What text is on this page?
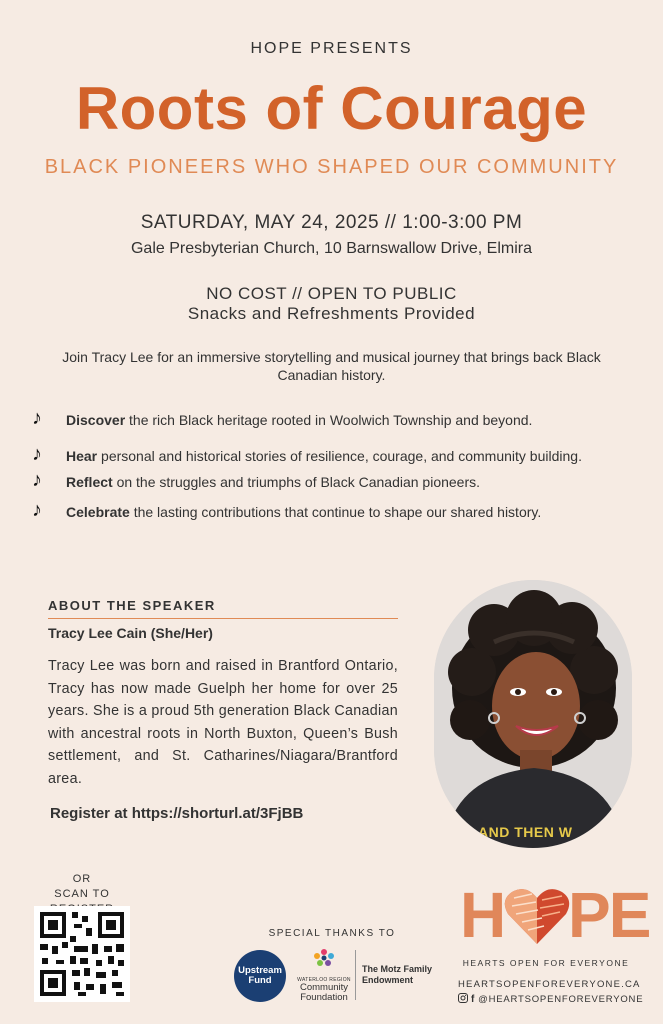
HOPE PRESENTS
Roots of Courage
BLACK PIONEERS WHO SHAPED OUR COMMUNITY
SATURDAY, MAY 24, 2025 // 1:00-3:00 PM
Gale Presbyterian Church, 10 Barnswallow Drive, Elmira
NO COST // OPEN TO PUBLIC
Snacks and Refreshments Provided
Join Tracy Lee for an immersive storytelling and musical journey that brings back Black Canadian history.
♪ Discover the rich Black heritage rooted in Woolwich Township and beyond.
♪ Hear personal and historical stories of resilience, courage, and community building.
♪ Reflect on the struggles and triumphs of Black Canadian pioneers.
♪ Celebrate the lasting contributions that continue to shape our shared history.
ABOUT THE SPEAKER
Tracy Lee Cain (She/Her)
Tracy Lee was born and raised in Brantford Ontario, Tracy has now made Guelph her home for over 25 years. She is a proud 5th generation Black Canadian with ancestral roots in North Buxton, Queen’s Bush settlement, and St. Catharines/Niagara/Brantford area.
Register at https://shorturl.at/3FjBB
AND THEN W
OR
SCAN TO
SPECIAL THANKS TO
Upstream
Fund	WATERLOO REGION
Community
Foundation
The Motz Family Endowment
H PE
HEARTS OPEN FOR EVERYONE
HEARTSOPENFOREVERYONE.CA
f @HEARTSOPENFOREVERYONE
